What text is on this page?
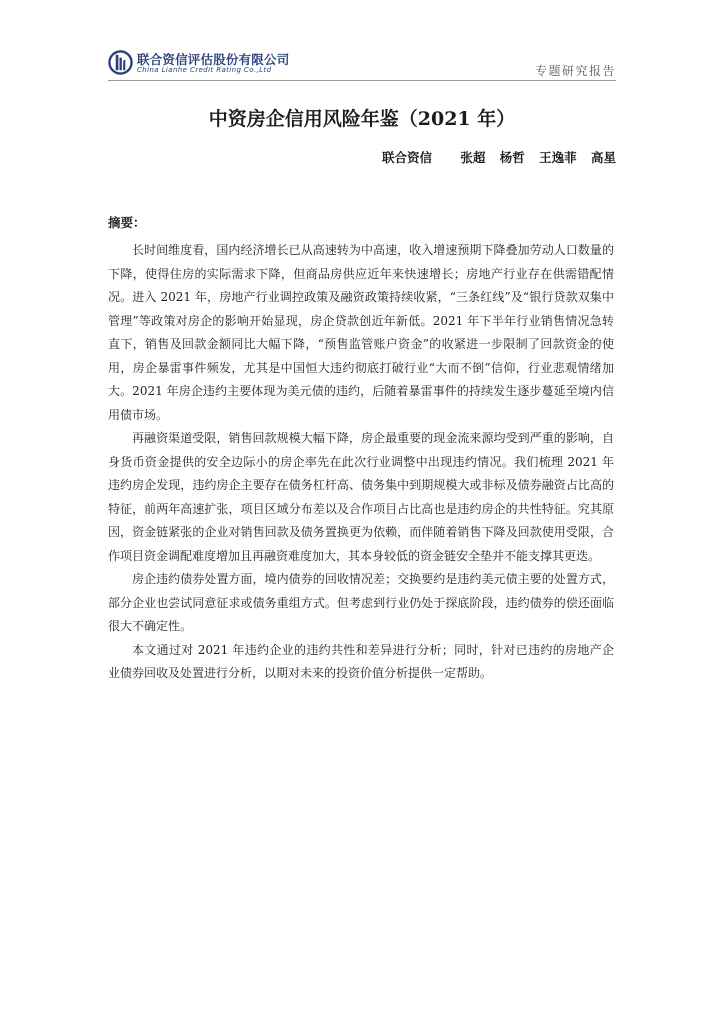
联合资信评估股份有限公司
China Lianhe Credit Rating Co.,Ltd	专题研究报告
中资房企信用风险年鉴（2021 年）
联合资信 张超 杨哲 王逸菲 高星
摘要：

长时间维度看，国内经济增长已从高速转为中高速，收入增速预期下降叠加劳动人口数量的下降，使得住房的实际需求下降，但商品房供应近年来快速增长；房地产行业存在供需错配情况。进入 2021 年，房地产行业调控政策及融资政策持续收紧，“三条红线”及“银行贷款双集中管理”等政策对房企的影响开始显现，房企贷款创近年新低。2021 年下半年行业销售情况急转直下，销售及回款金额同比大幅下降，“预售监管账户资金”的收紧进一步限制了回款资金的使用，房企暴雷事件频发，尤其是中国恒大违约彻底打破行业“大而不倒”信仰，行业悲观情绪加大。2021 年房企违约主要体现为美元债的违约，后随着暴雷事件的持续发生逐步蔓延至境内信用债市场。

再融资渠道受限，销售回款规模大幅下降，房企最重要的现金流来源均受到严重的影响，自身货币资金提供的安全边际小的房企率先在此次行业调整中出现违约情况。我们梳理 2021 年违约房企发现，违约房企主要存在债务杠杆高、债务集中到期规模大或非标及债券融资占比高的特征，前两年高速扩张，项目区域分布差以及合作项目占比高也是违约房企的共性特征。究其原因，资金链紧张的企业对销售回款及债务置换更为依赖，而伴随着销售下降及回款使用受限，合作项目资金调配难度增加且再融资难度加大，其本身较低的资金链安全垫并不能支撑其更迭。

房企违约债券处置方面，境内债券的回收情况差；交换要约是违约美元债主要的处置方式，部分企业也尝试同意征求或债务重组方式。但考虑到行业仍处于探底阶段，违约债券的偿还面临很大不确定性。

本文通过对 2021 年违约企业的违约共性和差异进行分析；同时，针对已违约的房地产企业债券回收及处置进行分析，以期对未来的投资价值分析提供一定帮助。
